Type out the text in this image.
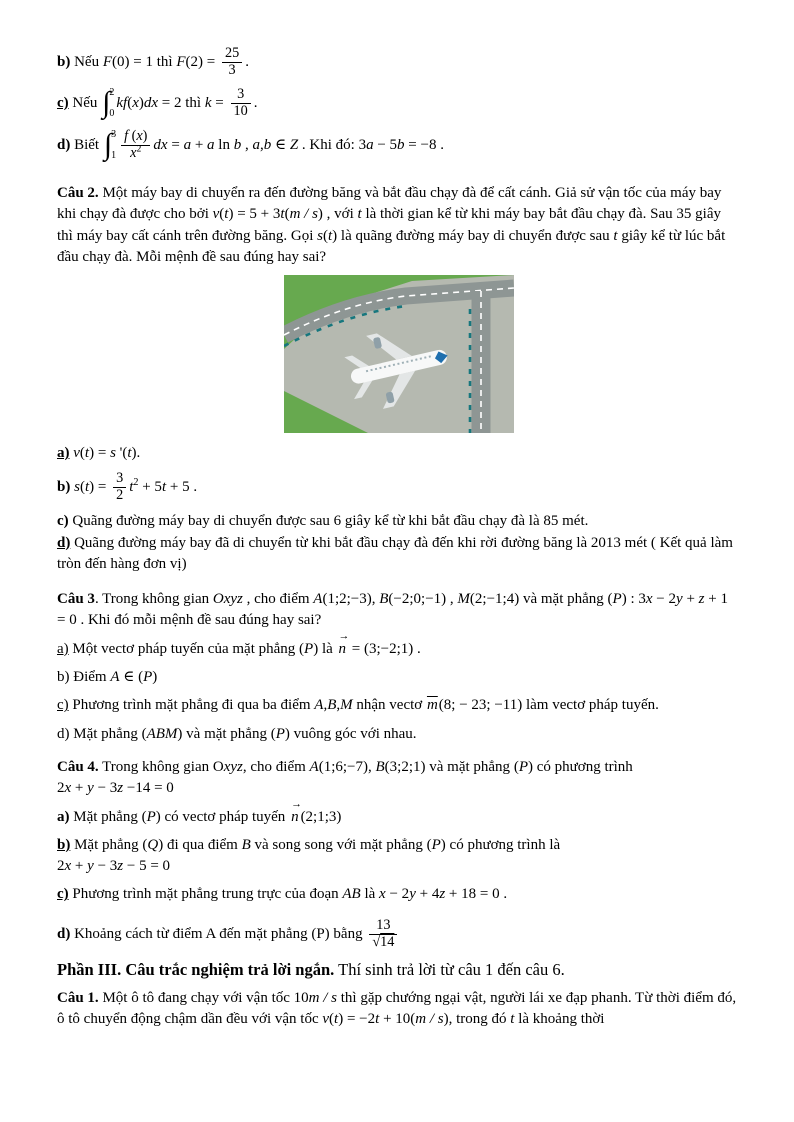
b) Nếu F(0) = 1 thì $F(2) = \frac{25}{3}$ .

c) Nếu ∫ 2
0
kf(x)dx = 2 thì $k = \frac{3}{10}$ .

d) Biết ∫ 3
$1 \frac{f (x)}{x^2}$ dx = a + a ln b , a,b ∈ Z . Khi đó: 3a − 5b = −8 .

Câu 2. Một máy bay di chuyển ra đến đường băng và bắt đầu chạy đà để cất cánh. Giả sử vận tốc của máy bay khi chạy đà được cho bởi v(t) = 5 + 3t(m / s) , với t là thời gian kể từ khi máy bay bắt đầu chạy đà. Sau 35 giây thì máy bay cất cánh trên đường băng. Gọi s(t) là quãng đường máy bay di chuyển được sau t giây kể từ lúc bắt đầu chạy đà. Mỗi mệnh đề sau đúng hay sai?

a) v(t) = s '(t).

b) $s(t) = \frac{3}{2} t^2 + 5t + 5$ .

c) Quãng đường máy bay di chuyển được sau 6 giây kể từ khi bắt đầu chạy đà là 85 mét.

d) Quãng đường máy bay đã di chuyển từ khi bắt đầu chạy đà đến khi rời đường băng là 2013 mét ( Kết quả làm tròn đến hàng đơn vị)

Câu 3. Trong không gian Oxyz , cho điểm A(1;2;−3), B(−2;0;−1) , M(2;−1;4) và mặt phẳng (P) : 3x − 2y + z + 1 = 0 . Khi đó mỗi mệnh đề sau đúng hay sai?

a) Một vectơ pháp tuyến của mặt phẳng (P) là
→
n = (3;−2;1) .

b) Điểm A ∈ (P)

c) Phương trình mặt phẳng đi qua ba điểm A,B,M nhận vectơ $\overline{m}(8$; − 23; −11) làm vectơ pháp tuyến.

d) Mặt phẳng (ABM) và mặt phẳng (P) vuông góc với nhau.

Câu 4. Trong không gian Oxyz, cho điểm A(1;6;−7), B(3;2;1) và mặt phẳng (P) có phương trình
2x + y − 3z −14 = 0

a) Mặt phẳng (P) có vectơ pháp tuyến
→
n (2;1;3)

b) Mặt phẳng (Q) đi qua điểm B và song song với mặt phẳng (P) có phương trình là
2x + y − 3z − 5 = 0

c) Phương trình mặt phẳng trung trực của đoạn AB là x − 2y + 4z + 18 = 0 .

d) Khoảng cách từ điểm A đến mặt phẳng (P) bằng $\frac{13}{√14}$

Phần III. Câu trắc nghiệm trả lời ngắn. Thí sinh trả lời từ câu 1 đến câu 6.

Câu 1. Một ô tô đang chạy với vận tốc 10m / s thì gặp chướng ngại vật, người lái xe đạp phanh. Từ thời điểm đó, ô tô chuyển động chậm dần đều với vận tốc v(t) = −2t + 10(m / s), trong đó t là khoảng thời
